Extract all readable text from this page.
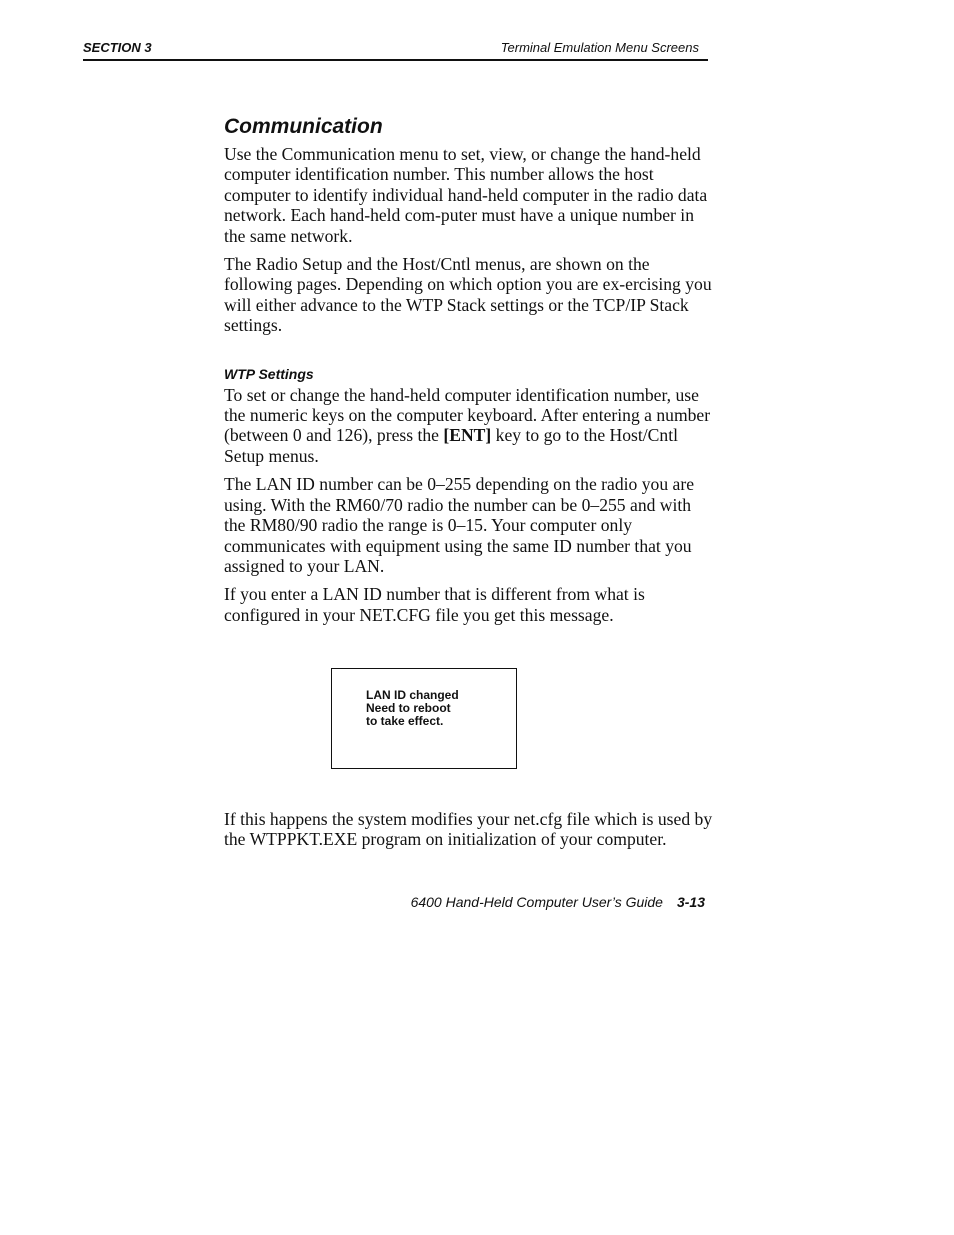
SECTION 3	Terminal Emulation Menu Screens
Communication

Use the Communication menu to set, view, or change the hand-held computer identification number. This number allows the host computer to identify individual hand-held computer in the radio data network. Each hand-held com-puter must have a unique number in the same network.

The Radio Setup and the Host/Cntl menus, are shown on the following pages. Depending on which option you are ex-ercising you will either advance to the WTP Stack settings or the TCP/IP Stack settings.

WTP Settings

To set or change the hand-held computer identification number, use the numeric keys on the computer keyboard. After entering a number (between 0 and 126), press the [ENT] key to go to the Host/Cntl Setup menus.

The LAN ID number can be 0–255 depending on the radio you are using. With the RM60/70 radio the number can be 0–255 and with the RM80/90 radio the range is 0–15. Your computer only communicates with equipment using the same ID number that you assigned to your LAN.

If you enter a LAN ID number that is different from what is configured in your NET.CFG file you get this message.

LAN ID changed
Need to reboot
to take effect.

If this happens the system modifies your net.cfg file which is used by the WTPPKT.EXE program on initialization of your computer.

6400 Hand-Held Computer User’s Guide 3-13
